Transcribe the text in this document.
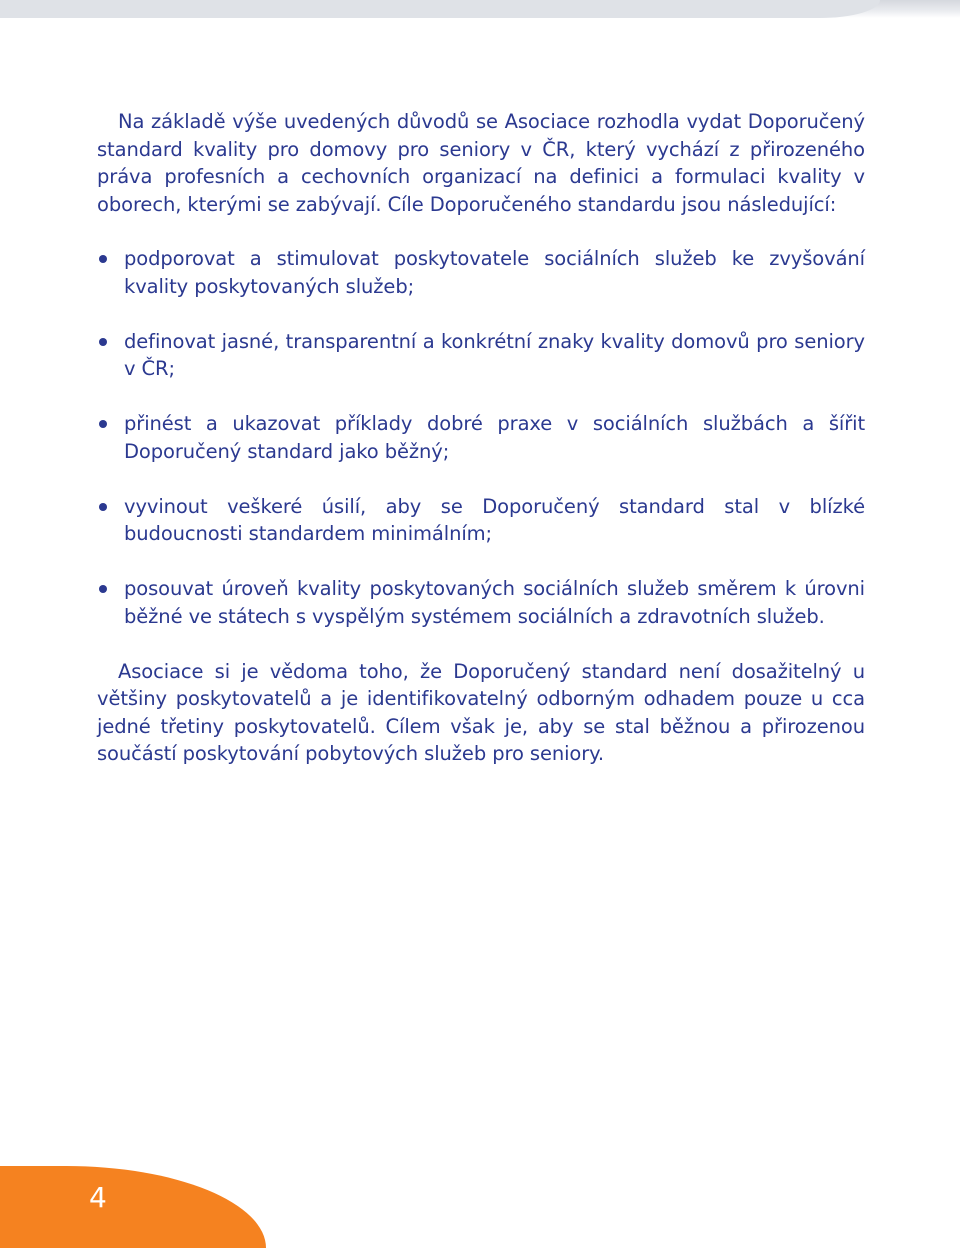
Na základě výše uvedených důvodů se Asociace rozhodla vydat Doporučený standard kvality pro domovy pro seniory v ČR, který vychází z přirozeného práva profesních a cechovních organizací na definici a formulaci kvality v oborech, kterými se zabývají. Cíle Doporučeného standardu jsou následující:

podporovat a stimulovat poskytovatele sociálních služeb ke zvyšování kvality poskytovaných služeb;
definovat jasné, transparentní a konkrétní znaky kvality domovů pro seniory v ČR;
přinést a ukazovat příklady dobré praxe v sociálních službách a šířit Doporučený standard jako běžný;
vyvinout veškeré úsilí, aby se Doporučený standard stal v blízké budoucnosti standardem minimálním;
posouvat úroveň kvality poskytovaných sociálních služeb směrem k úrovni běžné ve státech s vyspělým systémem sociálních a zdravotních služeb.

Asociace si je vědoma toho, že Doporučený standard není dosažitelný u většiny poskytovatelů a je identifikovatelný odborným odhadem pouze u cca jedné třetiny poskytovatelů. Cílem však je, aby se stal běžnou a přirozenou součástí poskytování pobytových služeb pro seniory.

4
